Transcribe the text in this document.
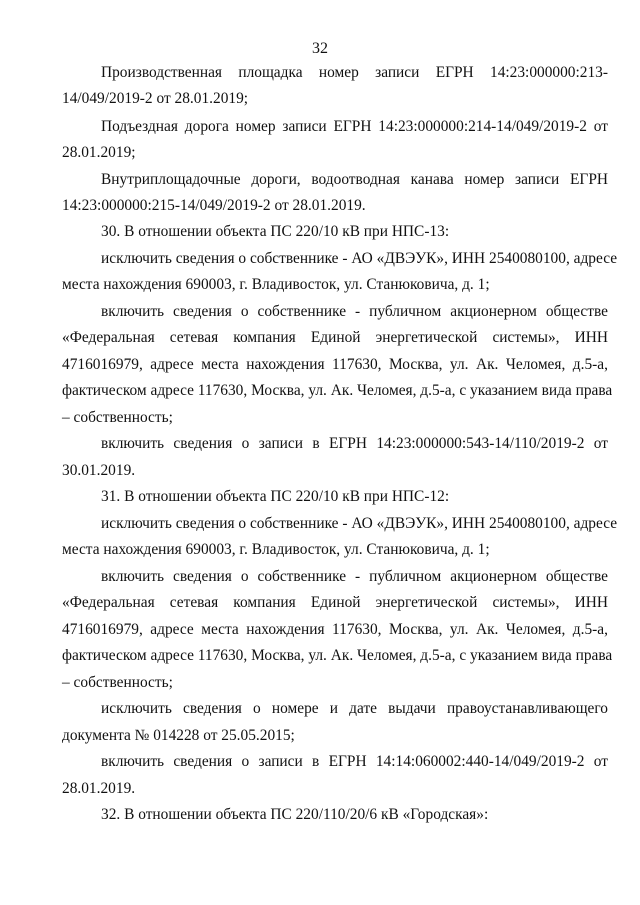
32
Производственная площадка номер записи ЕГРН 14:23:000000:213-
14/049/2019-2 от 28.01.2019;
Подъездная дорога номер записи ЕГРН 14:23:000000:214-14/049/2019-2 от
28.01.2019;
Внутриплощадочные дороги, водоотводная канава номер записи ЕГРН
14:23:000000:215-14/049/2019-2 от 28.01.2019.
30. В отношении объекта ПС 220/10 кВ при НПС-13:
исключить сведения о собственнике - АО «ДВЭУК», ИНН 2540080100, адресе
места нахождения 690003, г. Владивосток, ул. Станюковича, д. 1;
включить сведения о собственнике - публичном акционерном обществе
«Федеральная сетевая компания Единой энергетической системы», ИНН
4716016979, адресе места нахождения 117630, Москва, ул. Ак. Челомея, д.5-а,
фактическом адресе 117630, Москва, ул. Ак. Челомея, д.5-а, с указанием вида права
– собственность;
включить сведения о записи в ЕГРН 14:23:000000:543-14/110/2019-2 от
30.01.2019.
31. В отношении объекта ПС 220/10 кВ при НПС-12:
исключить сведения о собственнике - АО «ДВЭУК», ИНН 2540080100, адресе
места нахождения 690003, г. Владивосток, ул. Станюковича, д. 1;
включить сведения о собственнике - публичном акционерном обществе
«Федеральная сетевая компания Единой энергетической системы», ИНН
4716016979, адресе места нахождения 117630, Москва, ул. Ак. Челомея, д.5-а,
фактическом адресе 117630, Москва, ул. Ак. Челомея, д.5-а, с указанием вида права
– собственность;
исключить сведения о номере и дате выдачи правоустанавливающего
документа № 014228 от 25.05.2015;
включить сведения о записи в ЕГРН 14:14:060002:440-14/049/2019-2 от
28.01.2019.
32. В отношении объекта ПС 220/110/20/6 кВ «Городская»:
